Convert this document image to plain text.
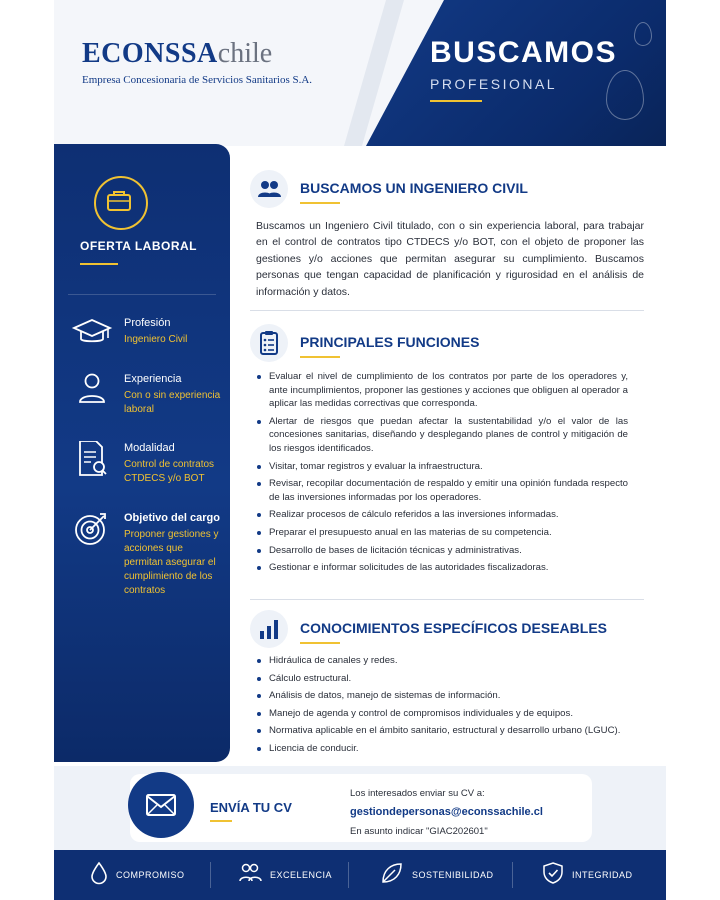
ECONSSAchile
Empresa Concesionaria de Servicios Sanitarios S.A.
BUSCAMOS
PROFESIONAL
OFERTA LABORAL
Profesión
Ingeniero Civil
Experiencia
Con o sin experiencia laboral
Modalidad
Control de contratos CTDECS y/o BOT
Objetivo del cargo
Proponer gestiones y acciones que permitan asegurar el cumplimiento de los contratos
BUSCAMOS UN INGENIERO CIVIL
Buscamos un Ingeniero Civil titulado, con o sin experiencia laboral, para trabajar en el control de contratos tipo CTDECS y/o BOT, con el objeto de proponer las gestiones y/o acciones que permitan asegurar su cumplimiento. Buscamos personas que tengan capacidad de planificación y rigurosidad en el análisis de información y datos.
PRINCIPALES FUNCIONES
Evaluar el nivel de cumplimiento de los contratos por parte de los operadores y, ante incumplimientos, proponer las gestiones y acciones que obliguen al operador a aplicar las medidas correctivas que corresponda.
Alertar de riesgos que puedan afectar la sustentabilidad y/o el valor de las concesiones sanitarias, diseñando y desplegando planes de control y mitigación de los riesgos identificados.
Visitar, tomar registros y evaluar la infraestructura.
Revisar, recopilar documentación de respaldo y emitir una opinión fundada respecto de las inversiones informadas por los operadores.
Realizar procesos de cálculo referidos a las inversiones informadas.
Preparar el presupuesto anual en las materias de su competencia.
Desarrollo de bases de licitación técnicas y administrativas.
Gestionar e informar solicitudes de las autoridades fiscalizadoras.
CONOCIMIENTOS ESPECÍFICOS DESEABLES
Hidráulica de canales y redes.
Cálculo estructural.
Análisis de datos, manejo de sistemas de información.
Manejo de agenda y control de compromisos individuales y de equipos.
Normativa aplicable en el ámbito sanitario, estructural y desarrollo urbano (LGUC).
Licencia de conducir.
ENVÍA TU CV
Los interesados enviar su CV a:
gestiondepersonas@econssachile.cl
En asunto indicar "GIAC202601"
COMPROMISO	EXCELENCIA	SOSTENIBILIDAD	INTEGRIDAD
